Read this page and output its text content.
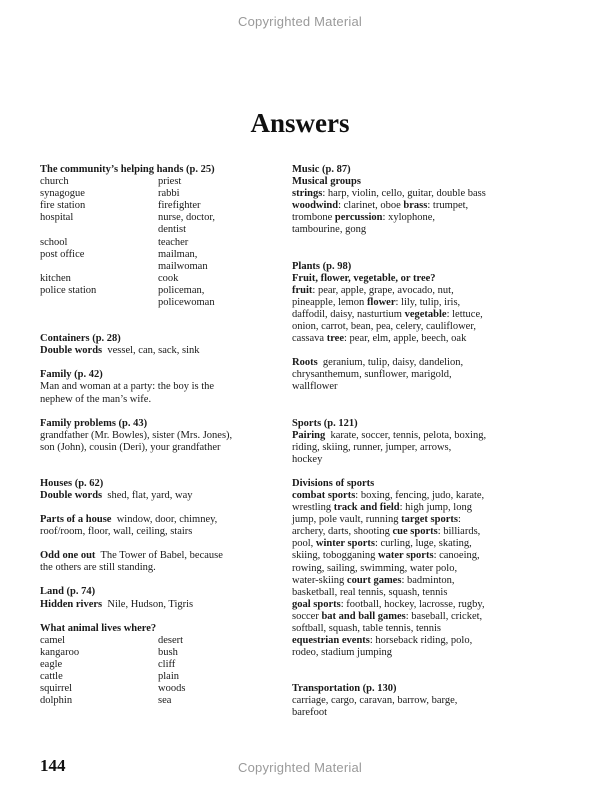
Copyrighted Material
Answers
The community’s helping hands (p. 25)
church	priest
synagogue	rabbi
fire station	firefighter
hospital	nurse, doctor,
dentist
school	teacher
post office	mailman,
mailwoman
kitchen	cook
police station	policeman,
policewoman
Containers (p. 28)
Double words vessel, can, sack, sink
Family (p. 42)
Man and woman at a party: the boy is the
nephew of the man’s wife.
Family problems (p. 43)
grandfather (Mr. Bowles), sister (Mrs. Jones),
son (John), cousin (Deri), your grandfather
Houses (p. 62)
Double words shed, flat, yard, way
Parts of a house window, door, chimney,
roof/room, floor, wall, ceiling, stairs
Odd one out The Tower of Babel, because
the others are still standing.
Land (p. 74)
Hidden rivers Nile, Hudson, Tigris
What animal lives where?
camel	desert
kangaroo	bush
eagle	cliff
cattle	plain
squirrel	woods
dolphin	sea
Music (p. 87)
Musical groups
strings: harp, violin, cello, guitar, double bass
woodwind: clarinet, oboe brass: trumpet,
trombone percussion: xylophone,
tambourine, gong
Plants (p. 98)
Fruit, flower, vegetable, or tree?
fruit: pear, apple, grape, avocado, nut,
pineapple, lemon flower: lily, tulip, iris,
daffodil, daisy, nasturtium vegetable: lettuce,
onion, carrot, bean, pea, celery, cauliflower,
cassava tree: pear, elm, apple, beech, oak
Roots geranium, tulip, daisy, dandelion,
chrysanthemum, sunflower, marigold,
wallflower
Sports (p. 121)
Pairing karate, soccer, tennis, pelota, boxing,
riding, skiing, runner, jumper, arrows,
hockey
Divisions of sports
combat sports: boxing, fencing, judo, karate,
wrestling track and field: high jump, long
jump, pole vault, running target sports:
archery, darts, shooting cue sports: billiards,
pool, winter sports: curling, luge, skating,
skiing, tobogganing water sports: canoeing,
rowing, sailing, swimming, water polo,
water-skiing court games: badminton,
basketball, real tennis, squash, tennis
goal sports: football, hockey, lacrosse, rugby,
soccer bat and ball games: baseball, cricket,
softball, squash, table tennis, tennis
equestrian events: horseback riding, polo,
rodeo, stadium jumping
Transportation (p. 130)
carriage, cargo, caravan, barrow, barge,
barefoot
144	Copyrighted Material
